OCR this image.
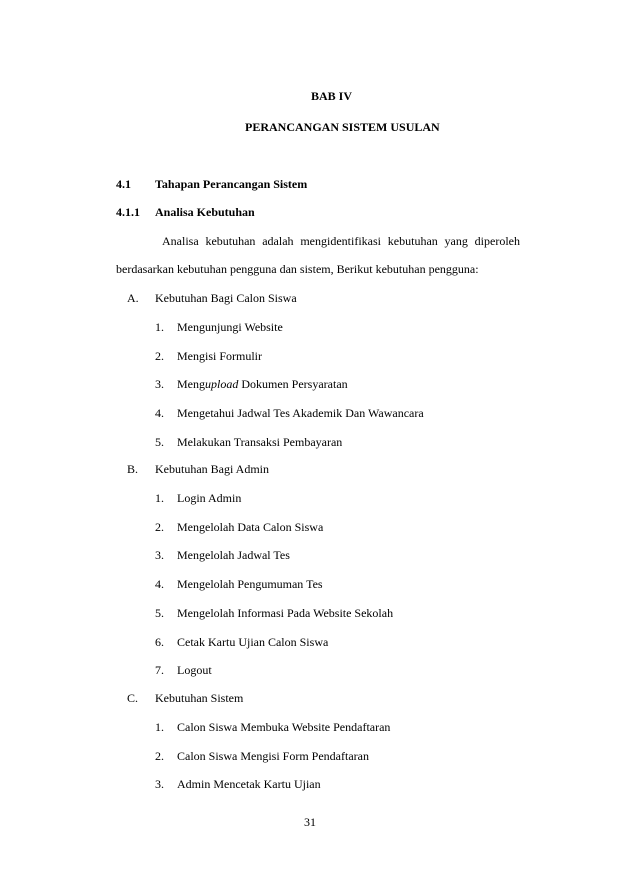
BAB IV
PERANCANGAN SISTEM USULAN
4.1 Tahapan Perancangan Sistem
4.1.1 Analisa Kebutuhan
Analisa kebutuhan adalah mengidentifikasi kebutuhan yang diperoleh
berdasarkan kebutuhan pengguna dan sistem, Berikut kebutuhan pengguna:
A. Kebutuhan Bagi Calon Siswa
1. Mengunjungi Website
2. Mengisi Formulir
3. Mengupload Dokumen Persyaratan
4. Mengetahui Jadwal Tes Akademik Dan Wawancara
5. Melakukan Transaksi Pembayaran
B. Kebutuhan Bagi Admin
1. Login Admin
2. Mengelolah Data Calon Siswa
3. Mengelolah Jadwal Tes
4. Mengelolah Pengumuman Tes
5. Mengelolah Informasi Pada Website Sekolah
6. Cetak Kartu Ujian Calon Siswa
7. Logout
C. Kebutuhan Sistem
1. Calon Siswa Membuka Website Pendaftaran
2. Calon Siswa Mengisi Form Pendaftaran
3. Admin Mencetak Kartu Ujian
31
